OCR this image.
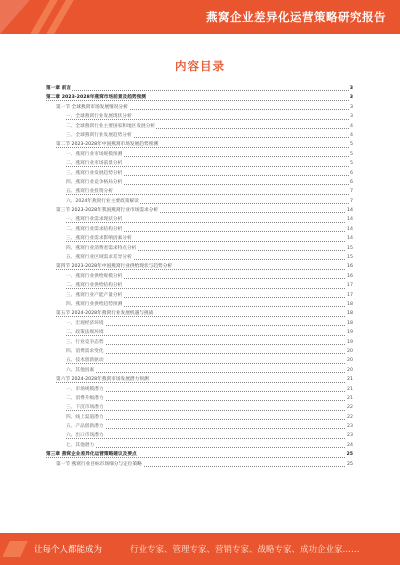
燕窝企业差异化运营策略研究报告
内容目录
第一章 前言	3
第二章 2023-2028年燕窝市场前景及趋势预测	3
第一节 全球燕窝市场发展情况分析	3
一、全球燕窝行业发展现状分析	3
二、全球燕窝行业主要国家和地区发展分析	4
三、全球燕窝行业发展趋势分析	4
第二节 2023-2028年中国燕窝市场发展趋势预测	5
一、燕窝行业市场规模预测	5
二、燕窝行业市场前景分析	5
三、燕窝行业发展趋势分析	6
四、燕窝行业竞争格局分析	6
五、燕窝行业投资分析	7
六、2024年燕窝行业主要政策解读	7
第三节 2023-2028年我国燕窝行业市场需求分析	14
一、燕窝行业需求现状分析	14
二、燕窝行业需求结构分析	14
三、燕窝行业需求影响因素分析	14
四、燕窝行业消费者需求特点分析	15
五、燕窝行业区域需求差异分析	15
第四节 2023-2028年中国燕窝行业供给现状与趋势分析	16
一、燕窝行业供给规模分析	16
二、燕窝行业供给结构分析	17
三、燕窝行业产能产量分析	17
四、燕窝行业供给趋势预测	18
第五节 2024-2028年燕窝行业发展机遇与挑战	18
一、宏观经济环境	18
二、政策法规环境	19
三、行业竞争态势	19
四、消费需求变化	20
五、技术创新驱动	20
六、其他因素	20
第六节 2024-2028年燕窝市场发展潜力预测	21
一、市场规模潜力	21
二、消费升级潜力	21
三、下沉市场潜力	22
四、线上渠道潜力	22
五、产品创新潜力	23
六、出口市场潜力	23
七、其他潜力	24
第三章 燕窝企业差异化运营策略建议及要点	25
第一节 燕窝行业目标市场细分与定位策略	25
让每个人都能成为	行业专家、管理专家、营销专家、战略专家、成功企业家……
